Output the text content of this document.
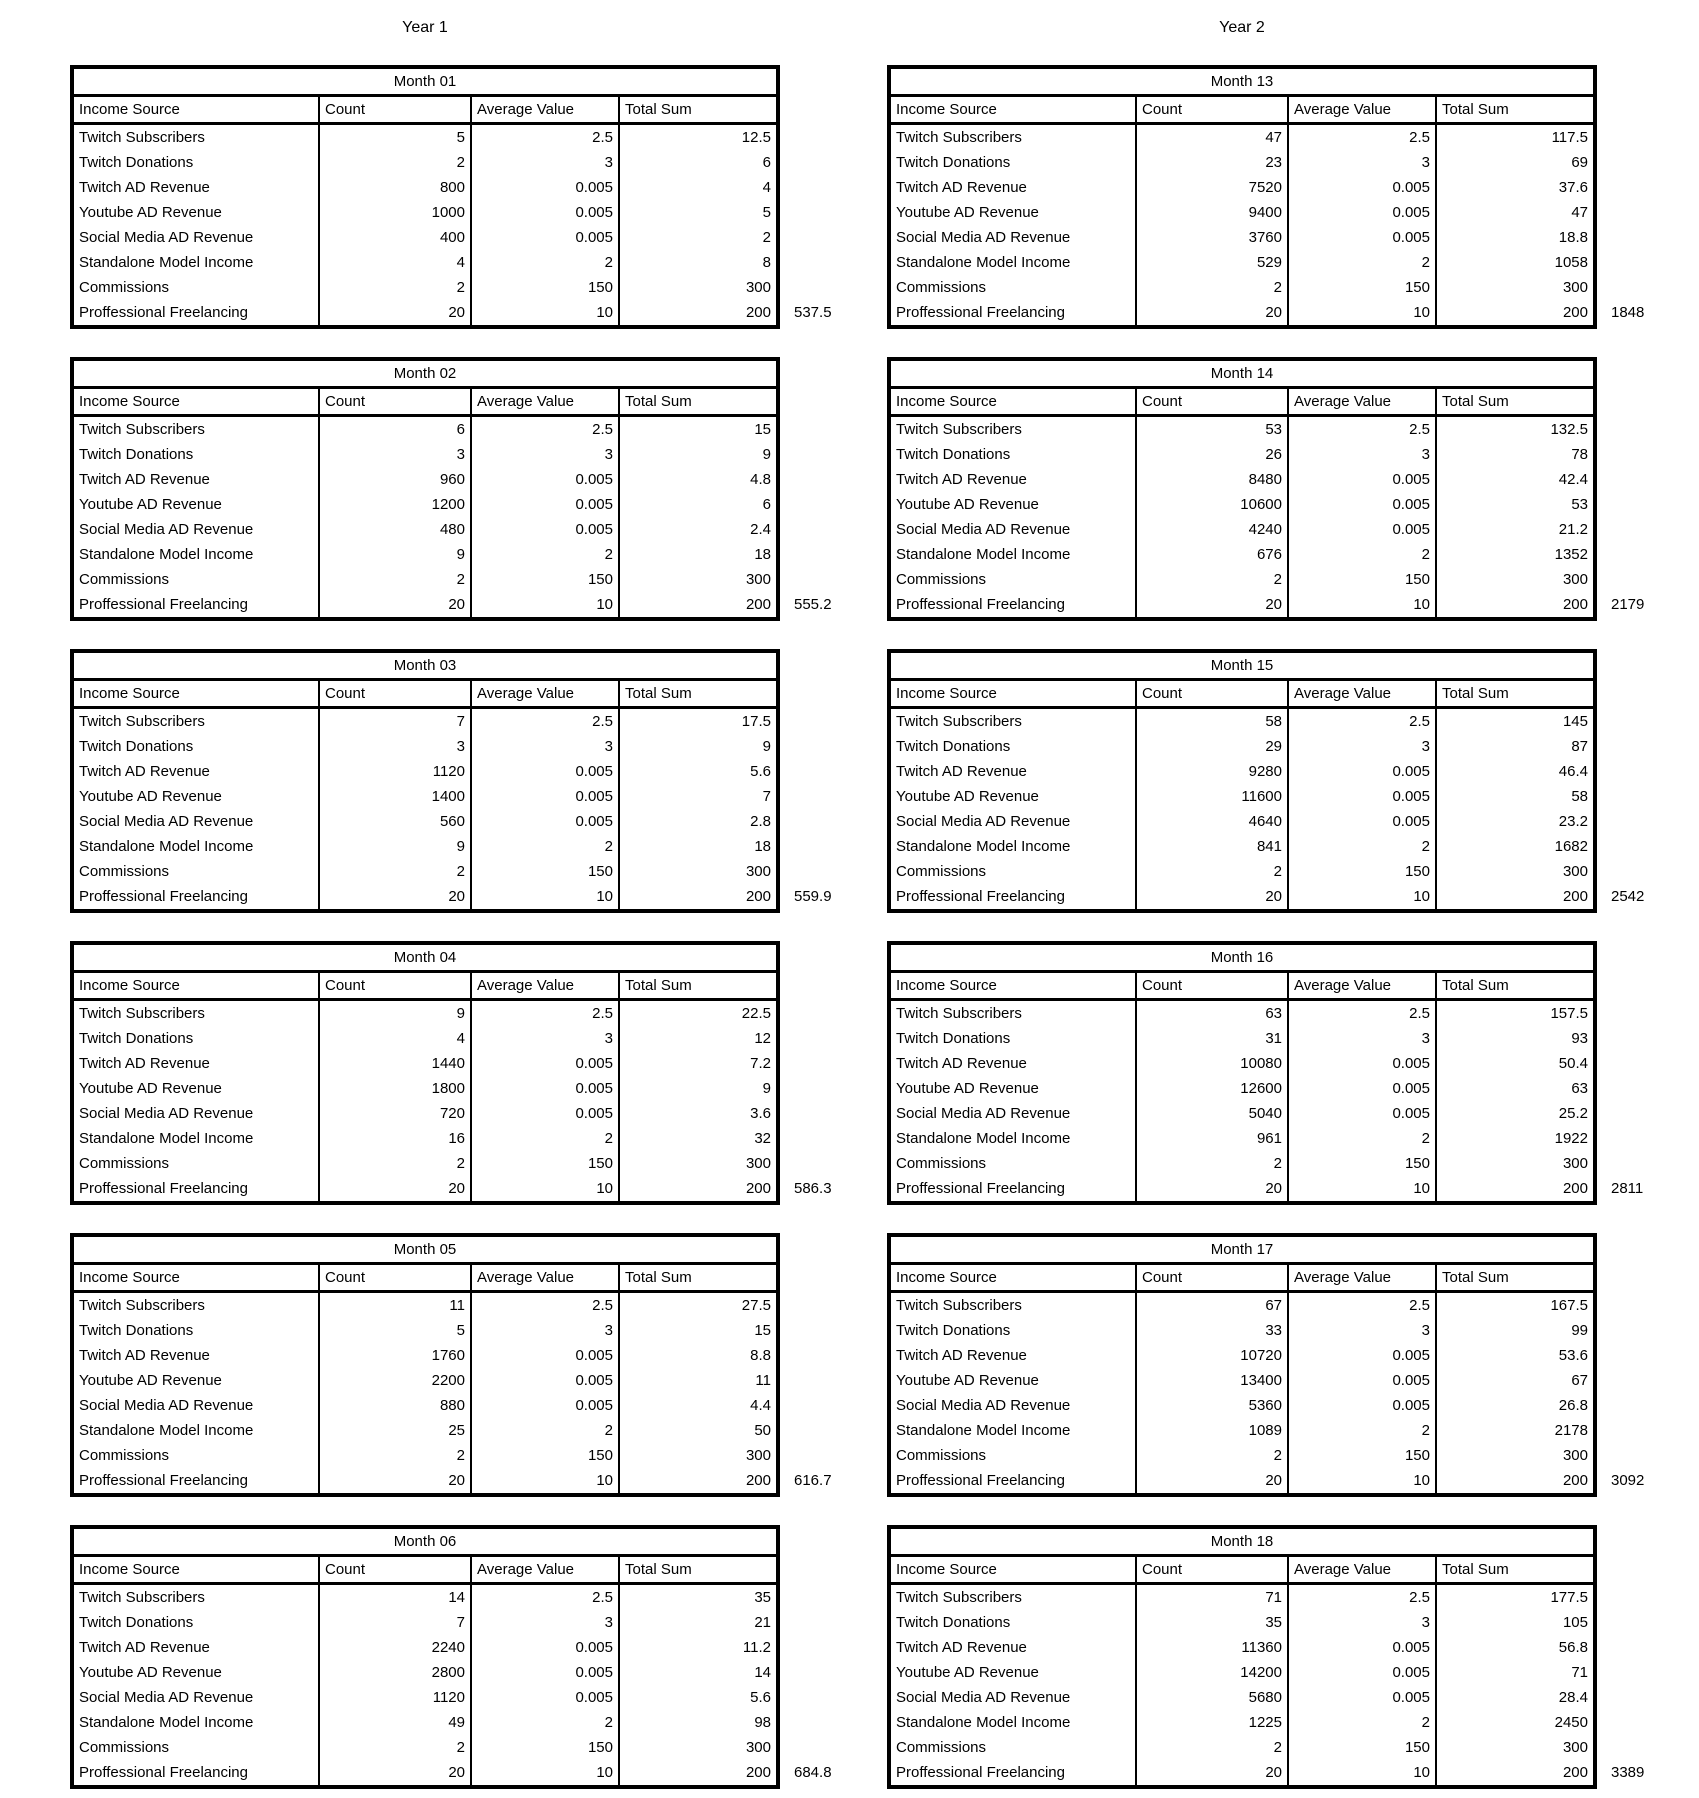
Year 1
Month 01
Income Source	Count	Average Value	Total Sum
Twitch Subscribers	5	2.5	12.5
Twitch Donations	2	3	6
Twitch AD Revenue	800	0.005	4
Youtube AD Revenue	1000	0.005	5
Social Media AD Revenue	400	0.005	2
Standalone Model Income	4	2	8
Commissions	2	150	300
Proffessional Freelancing	20	10	200	537.5
Month 02
Income Source	Count	Average Value	Total Sum
Twitch Subscribers	6	2.5	15
Twitch Donations	3	3	9
Twitch AD Revenue	960	0.005	4.8
Youtube AD Revenue	1200	0.005	6
Social Media AD Revenue	480	0.005	2.4
Standalone Model Income	9	2	18
Commissions	2	150	300
Proffessional Freelancing	20	10	200	555.2
Month 03
Income Source	Count	Average Value	Total Sum
Twitch Subscribers	7	2.5	17.5
Twitch Donations	3	3	9
Twitch AD Revenue	1120	0.005	5.6
Youtube AD Revenue	1400	0.005	7
Social Media AD Revenue	560	0.005	2.8
Standalone Model Income	9	2	18
Commissions	2	150	300
Proffessional Freelancing	20	10	200	559.9
Month 04
Income Source	Count	Average Value	Total Sum
Twitch Subscribers	9	2.5	22.5
Twitch Donations	4	3	12
Twitch AD Revenue	1440	0.005	7.2
Youtube AD Revenue	1800	0.005	9
Social Media AD Revenue	720	0.005	3.6
Standalone Model Income	16	2	32
Commissions	2	150	300
Proffessional Freelancing	20	10	200	586.3
Month 05
Income Source	Count	Average Value	Total Sum
Twitch Subscribers	11	2.5	27.5
Twitch Donations	5	3	15
Twitch AD Revenue	1760	0.005	8.8
Youtube AD Revenue	2200	0.005	11
Social Media AD Revenue	880	0.005	4.4
Standalone Model Income	25	2	50
Commissions	2	150	300
Proffessional Freelancing	20	10	200	616.7
Month 06
Income Source	Count	Average Value	Total Sum
Twitch Subscribers	14	2.5	35
Twitch Donations	7	3	21
Twitch AD Revenue	2240	0.005	11.2
Youtube AD Revenue	2800	0.005	14
Social Media AD Revenue	1120	0.005	5.6
Standalone Model Income	49	2	98
Commissions	2	150	300
Proffessional Freelancing	20	10	200	684.8
Year 2
Month 13
Income Source	Count	Average Value	Total Sum
Twitch Subscribers	47	2.5	117.5
Twitch Donations	23	3	69
Twitch AD Revenue	7520	0.005	37.6
Youtube AD Revenue	9400	0.005	47
Social Media AD Revenue	3760	0.005	18.8
Standalone Model Income	529	2	1058
Commissions	2	150	300
Proffessional Freelancing	20	10	200	1848
Month 14
Income Source	Count	Average Value	Total Sum
Twitch Subscribers	53	2.5	132.5
Twitch Donations	26	3	78
Twitch AD Revenue	8480	0.005	42.4
Youtube AD Revenue	10600	0.005	53
Social Media AD Revenue	4240	0.005	21.2
Standalone Model Income	676	2	1352
Commissions	2	150	300
Proffessional Freelancing	20	10	200	2179
Month 15
Income Source	Count	Average Value	Total Sum
Twitch Subscribers	58	2.5	145
Twitch Donations	29	3	87
Twitch AD Revenue	9280	0.005	46.4
Youtube AD Revenue	11600	0.005	58
Social Media AD Revenue	4640	0.005	23.2
Standalone Model Income	841	2	1682
Commissions	2	150	300
Proffessional Freelancing	20	10	200	2542
Month 16
Income Source	Count	Average Value	Total Sum
Twitch Subscribers	63	2.5	157.5
Twitch Donations	31	3	93
Twitch AD Revenue	10080	0.005	50.4
Youtube AD Revenue	12600	0.005	63
Social Media AD Revenue	5040	0.005	25.2
Standalone Model Income	961	2	1922
Commissions	2	150	300
Proffessional Freelancing	20	10	200	2811
Month 17
Income Source	Count	Average Value	Total Sum
Twitch Subscribers	67	2.5	167.5
Twitch Donations	33	3	99
Twitch AD Revenue	10720	0.005	53.6
Youtube AD Revenue	13400	0.005	67
Social Media AD Revenue	5360	0.005	26.8
Standalone Model Income	1089	2	2178
Commissions	2	150	300
Proffessional Freelancing	20	10	200	3092
Month 18
Income Source	Count	Average Value	Total Sum
Twitch Subscribers	71	2.5	177.5
Twitch Donations	35	3	105
Twitch AD Revenue	11360	0.005	56.8
Youtube AD Revenue	14200	0.005	71
Social Media AD Revenue	5680	0.005	28.4
Standalone Model Income	1225	2	2450
Commissions	2	150	300
Proffessional Freelancing	20	10	200	3389
